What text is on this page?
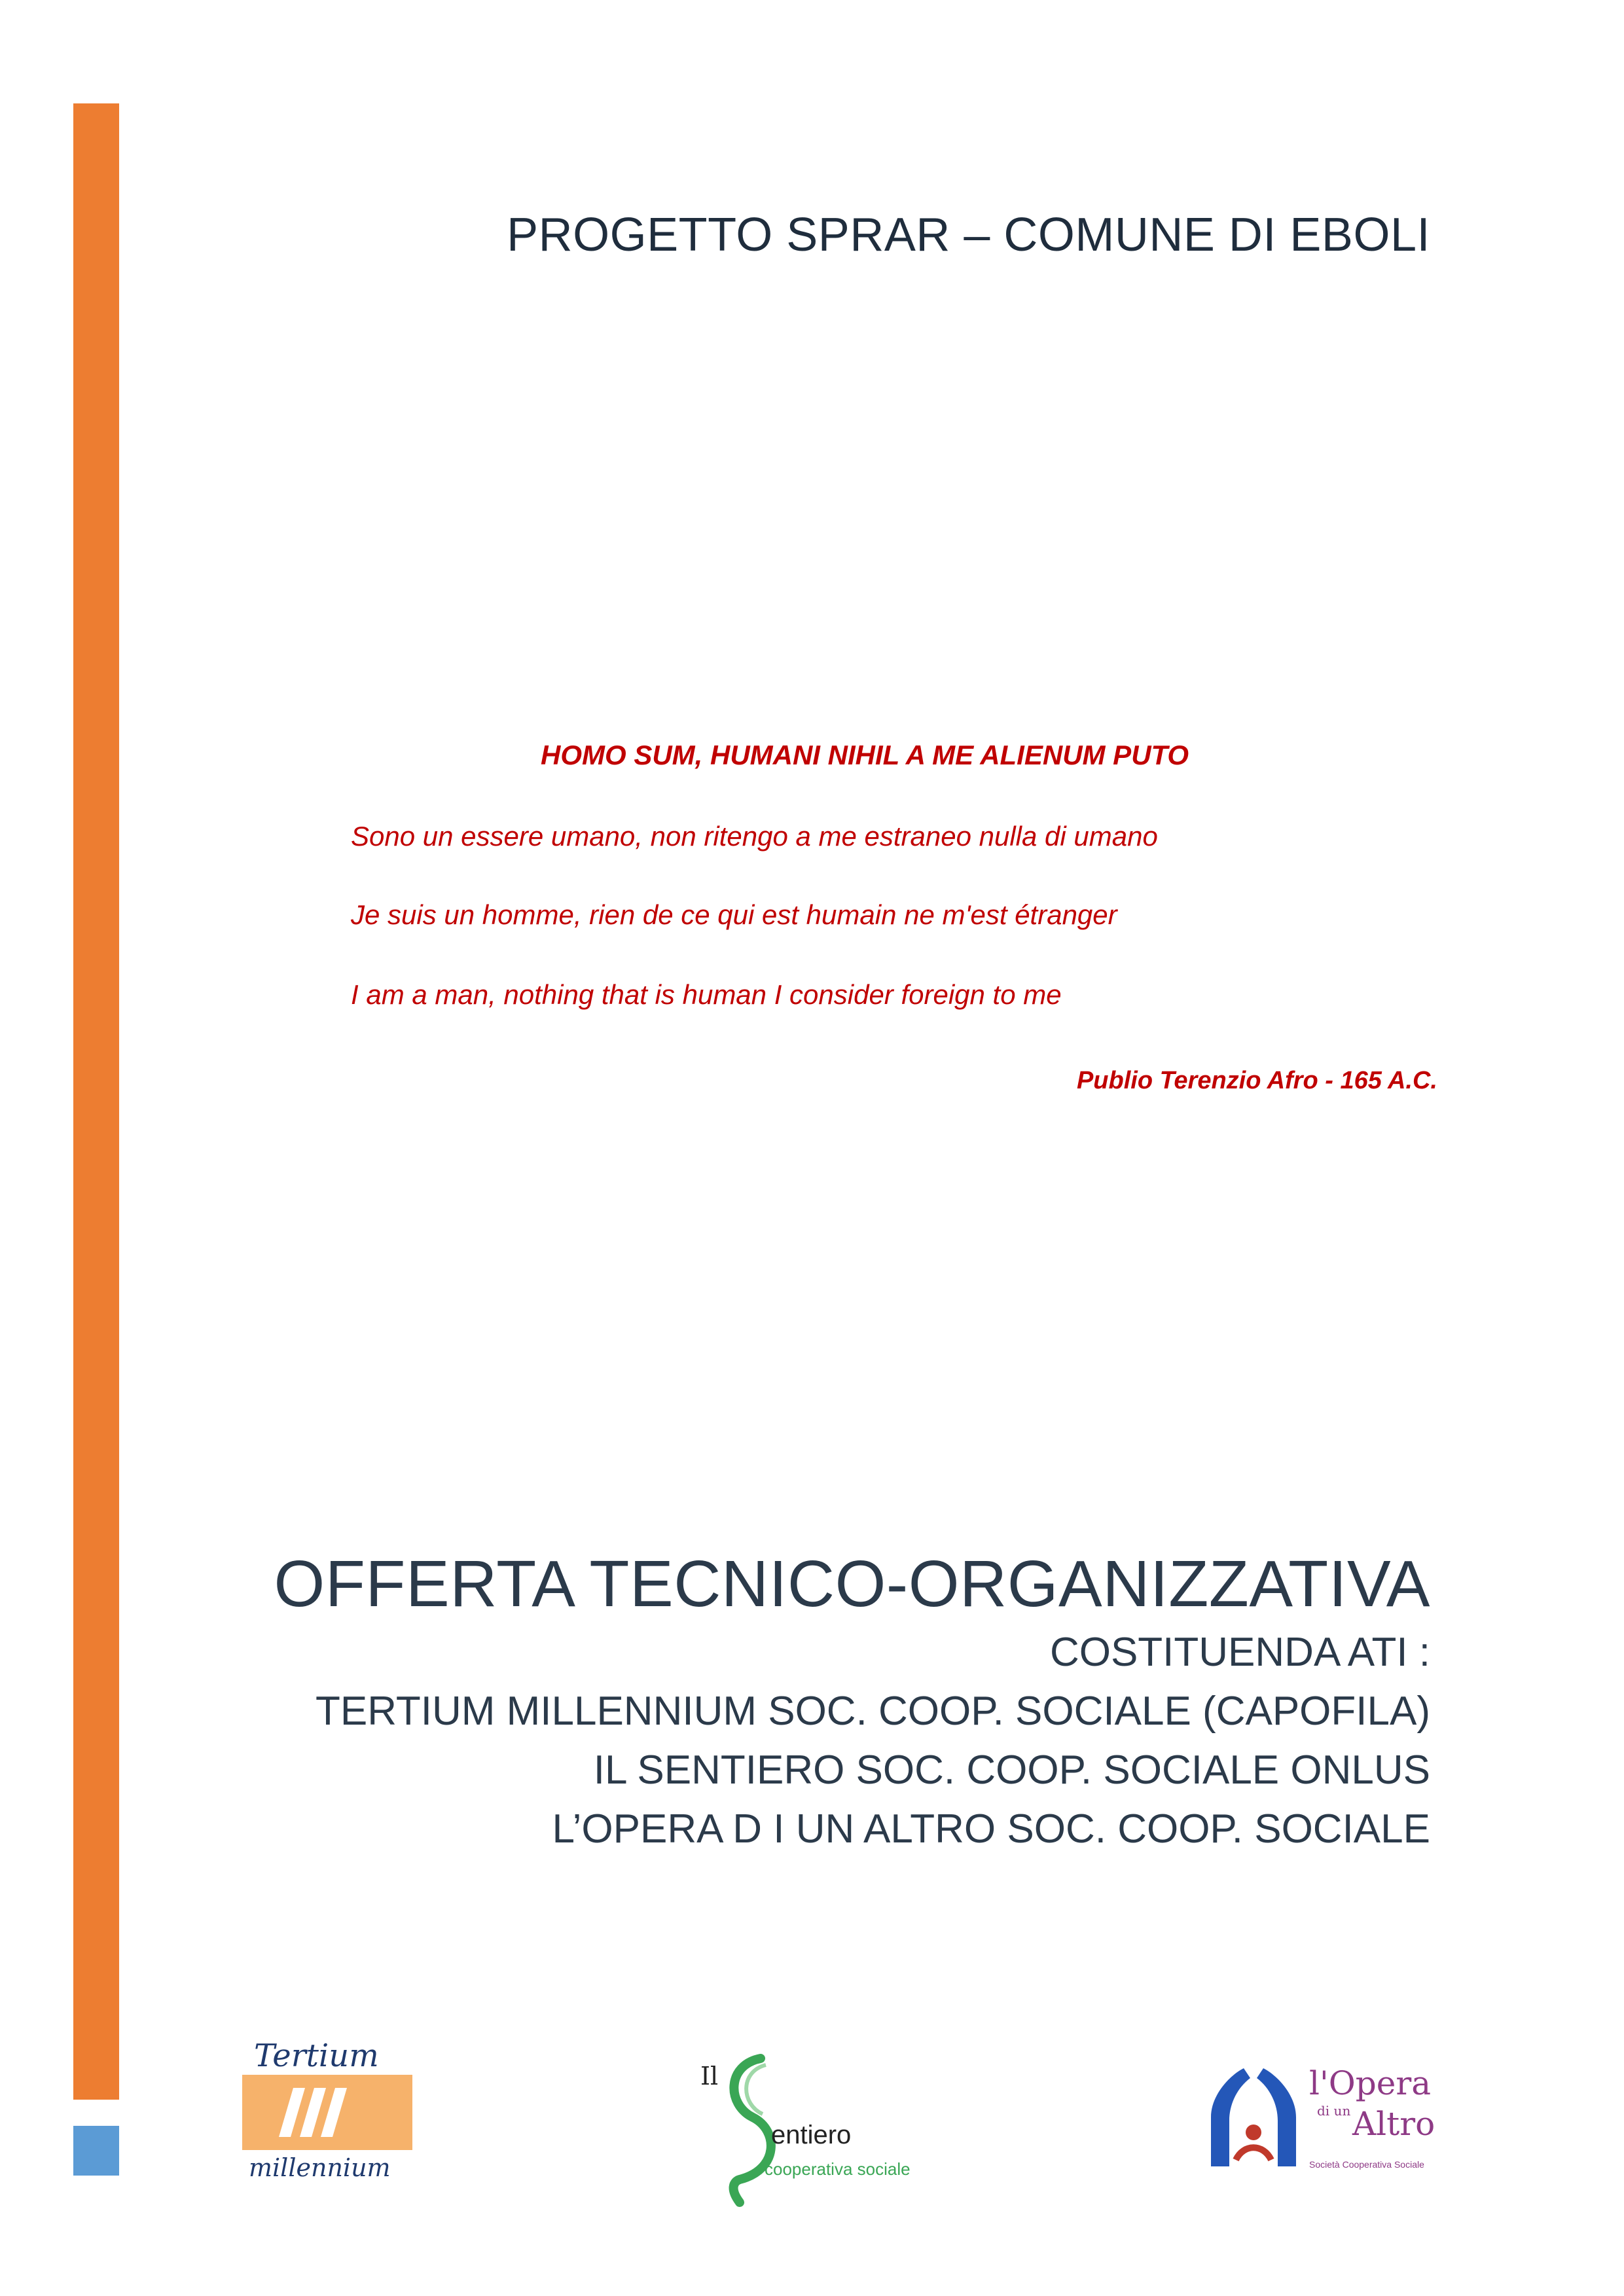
PROGETTO SPRAR – COMUNE DI EBOLI
HOMO SUM, HUMANI NIHIL A ME ALIENUM PUTO
Sono un essere umano, non ritengo a me estraneo nulla di umano
Je suis un homme, rien de ce qui est humain ne m'est étranger
I am a man, nothing that is human I consider foreign to me
Publio Terenzio Afro - 165 A.C.
OFFERTA TECNICO-ORGANIZZATIVA
COSTITUENDA ATI :
TERTIUM MILLENNIUM SOC. COOP. SOCIALE (CAPOFILA)
IL SENTIERO SOC. COOP. SOCIALE ONLUS
L’OPERA D I UN ALTRO SOC. COOP. SOCIALE
Tertium
millennium
Il
entiero
cooperativa sociale
l'Opera
di un Altro
Società Cooperativa Sociale
